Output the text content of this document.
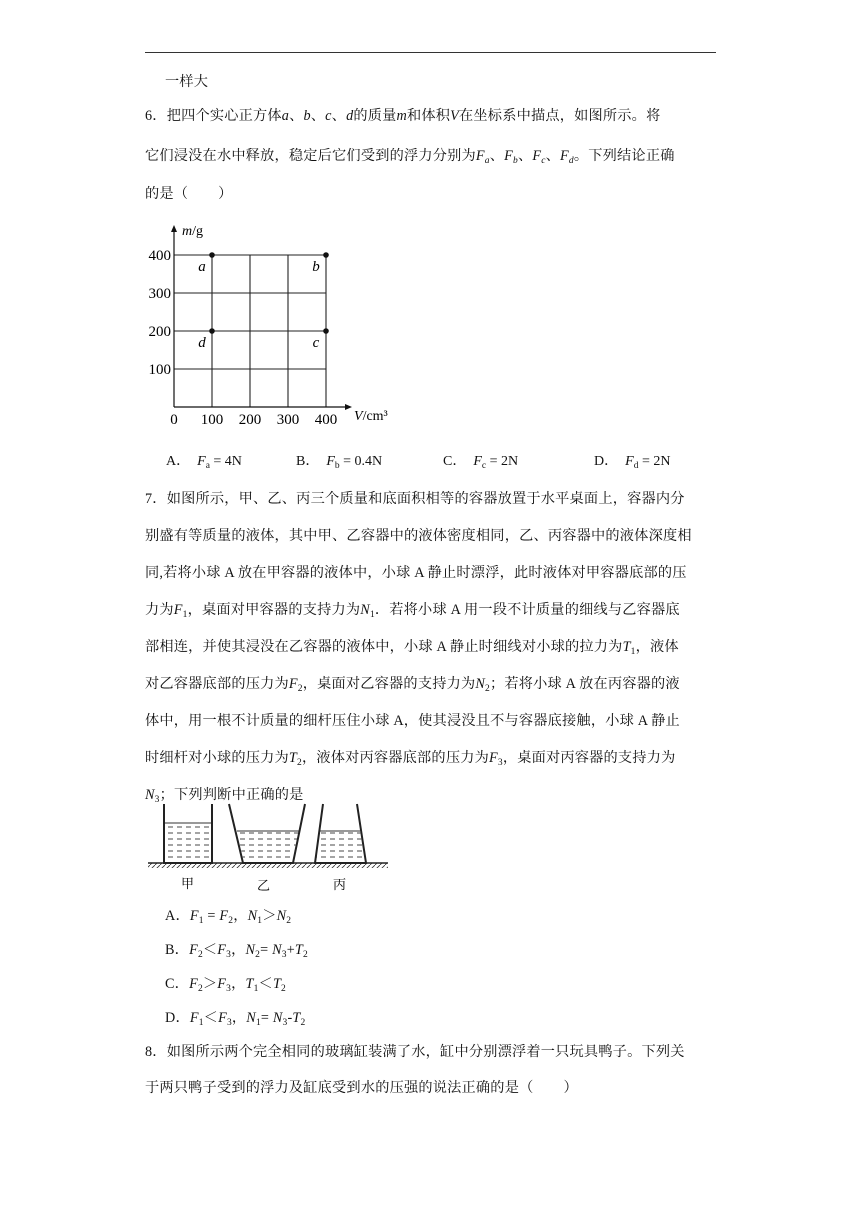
一样大
6．把四个实心正方体a、b、c、d的质量m和体积V在坐标系中描点，如图所示。将
它们浸没在水中释放，稳定后它们受到的浮力分别为$F_a$、$F_b$、$F_c$、$F_d$。下列结论正确
的是（ ）
0 100 200 300 400
100
200
300
400
a	b
c
d
m/g
V/cm³
A． $F_a = 4N$	B． $F_b = 0.4N$	C． $F_c = 2N$	D． $F_d = 2N$
7．如图所示，甲、乙、丙三个质量和底面积相等的容器放置于水平桌面上，容器内分
别盛有等质量的液体，其中甲、乙容器中的液体密度相同，乙、丙容器中的液体深度相
同,若将小球 A 放在甲容器的液体中，小球 A 静止时漂浮，此时液体对甲容器底部的压
力为$F_1$，桌面对甲容器的支持力为$N_1$．若将小球 A 用一段不计质量的细线与乙容器底
部相连，并使其浸没在乙容器的液体中，小球 A 静止时细线对小球的拉力为$T_1$，液体
对乙容器底部的压力为$F_2$，桌面对乙容器的支持力为$N_2$；若将小球 A 放在丙容器的液
体中，用一根不计质量的细杆压住小球 A，使其浸没且不与容器底接触，小球 A 静止
时细杆对小球的压力为$T_2$，液体对丙容器底部的压力为$F_3$，桌面对丙容器的支持力为
$N_3$；下列判断中正确的是
甲	乙	丙
A．$F_1 = F_2$，$N_1>N_2$
B．$F_2<F_3$，$N_2= N_3+T_2$
C．$F_2>F_3$，$T_1<T_2$
D．$F_1<F_3$，$N_1= N_3-T_2$
8．如图所示两个完全相同的玻璃缸装满了水，缸中分别漂浮着一只玩具鸭子。下列关
于两只鸭子受到的浮力及缸底受到水的压强的说法正确的是（ ）
